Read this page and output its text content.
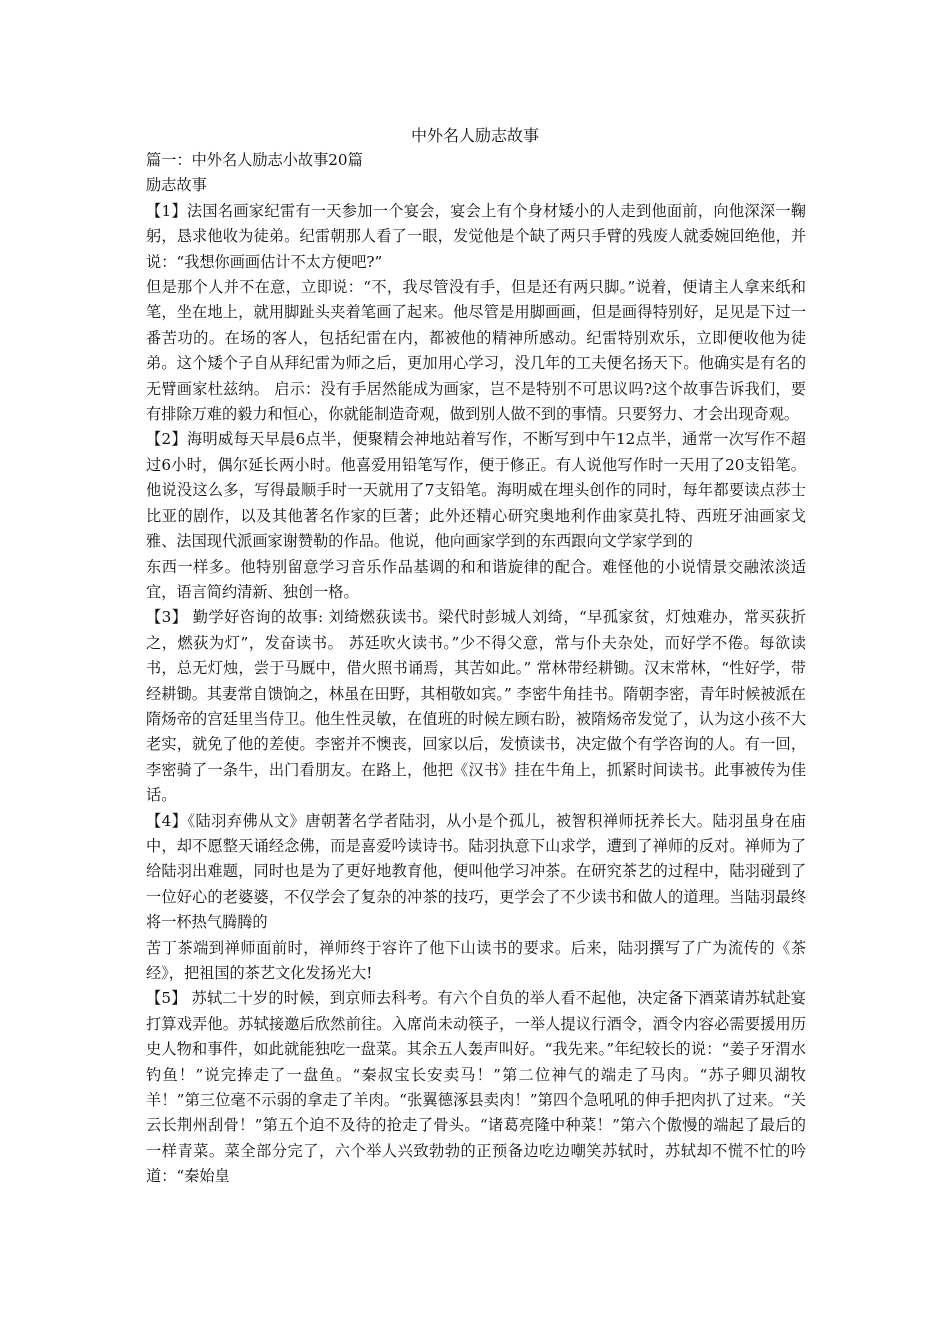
中外名人励志故事

篇一：中外名人励志小故事20篇

励志故事

【1】法国名画家纪雷有一天参加一个宴会，宴会上有个身材矮小的人走到他面前，向他深深一鞠躬，恳求他收为徒弟。纪雷朝那人看了一眼，发觉他是个缺了两只手臂的残废人就委婉回绝他，并说：“我想你画画估计不太方便吧?”

但是那个人并不在意，立即说：“不，我尽管没有手，但是还有两只脚。”说着，便请主人拿来纸和笔，坐在地上，就用脚趾头夹着笔画了起来。他尽管是用脚画画，但是画得特别好，足见是下过一番苦功的。在场的客人，包括纪雷在内，都被他的精神所感动。纪雷特别欢乐，立即便收他为徒弟。这个矮个子自从拜纪雷为师之后，更加用心学习，没几年的工夫便名扬天下。他确实是有名的无臂画家杜兹纳。 启示：没有手居然能成为画家，岂不是特别不可思议吗?这个故事告诉我们，要有排除万难的毅力和恒心，你就能制造奇观，做到别人做不到的事情。只要努力、才会出现奇观。

【2】海明威每天早晨6点半，便聚精会神地站着写作，不断写到中午12点半，通常一次写作不超过6小时，偶尔延长两小时。他喜爱用铅笔写作，便于修正。有人说他写作时一天用了20支铅笔。他说没这么多，写得最顺手时一天就用了7支铅笔。海明威在埋头创作的同时，每年都要读点莎士比亚的剧作，以及其他著名作家的巨著；此外还精心研究奥地利作曲家莫扎特、西班牙油画家戈雅、法国现代派画家谢赞勒的作品。他说，他向画家学到的东西跟向文学家学到的

东西一样多。他特别留意学习音乐作品基调的和和谐旋律的配合。难怪他的小说情景交融浓淡适宜，语言简约清新、独创一格。

【3】 勤学好咨询的故事: 刘绮燃荻读书。梁代时彭城人刘绮，“早孤家贫，灯烛难办，常买荻折之，燃荻为灯”，发奋读书。 苏廷吹火读书。”少不得父意，常与仆夫杂处，而好学不倦。每欲读书，总无灯烛，尝于马厩中，借火照书诵焉，其苦如此。” 常林带经耕锄。汉末常林，“性好学，带经耕锄。其妻常自馈饷之，林虽在田野，其相敬如宾。” 李密牛角挂书。隋朝李密，青年时候被派在隋炀帝的宫廷里当侍卫。他生性灵敏，在值班的时候左顾右盼，被隋炀帝发觉了，认为这小孩不大老实，就免了他的差使。李密并不懊丧，回家以后，发愤读书，决定做个有学咨询的人。有一回，李密骑了一条牛，出门看朋友。在路上，他把《汉书》挂在牛角上，抓紧时间读书。此事被传为佳话。

【4】《陆羽弃佛从文》唐朝著名学者陆羽，从小是个孤儿，被智积禅师抚养长大。陆羽虽身在庙中，却不愿整天诵经念佛，而是喜爱吟读诗书。陆羽执意下山求学，遭到了禅师的反对。禅师为了给陆羽出难题，同时也是为了更好地教育他，便叫他学习冲茶。在研究茶艺的过程中，陆羽碰到了一位好心的老婆婆，不仅学会了复杂的冲茶的技巧，更学会了不少读书和做人的道理。当陆羽最终将一杯热气腾腾的

苦丁茶端到禅师面前时，禅师终于容许了他下山读书的要求。后来，陆羽撰写了广为流传的《茶经》，把祖国的茶艺文化发扬光大!

【5】 苏轼二十岁的时候，到京师去科考。有六个自负的举人看不起他，决定备下酒菜请苏轼赴宴打算戏弄他。苏轼接邀后欣然前往。入席尚未动筷子，一举人提议行酒令，酒令内容必需要援用历史人物和事件，如此就能独吃一盘菜。其余五人轰声叫好。“我先来。”年纪较长的说：“姜子牙渭水钓鱼！”说完捧走了一盘鱼。“秦叔宝长安卖马！”第二位神气的端走了马肉。“苏子卿贝湖牧羊！”第三位毫不示弱的拿走了羊肉。“张翼德涿县卖肉！”第四个急吼吼的伸手把肉扒了过来。“关云长荆州刮骨！”第五个迫不及待的抢走了骨头。“诸葛亮隆中种菜！”第六个傲慢的端起了最后的一样青菜。菜全部分完了，六个举人兴致勃勃的正预备边吃边嘲笑苏轼时，苏轼却不慌不忙的吟道：“秦始皇
